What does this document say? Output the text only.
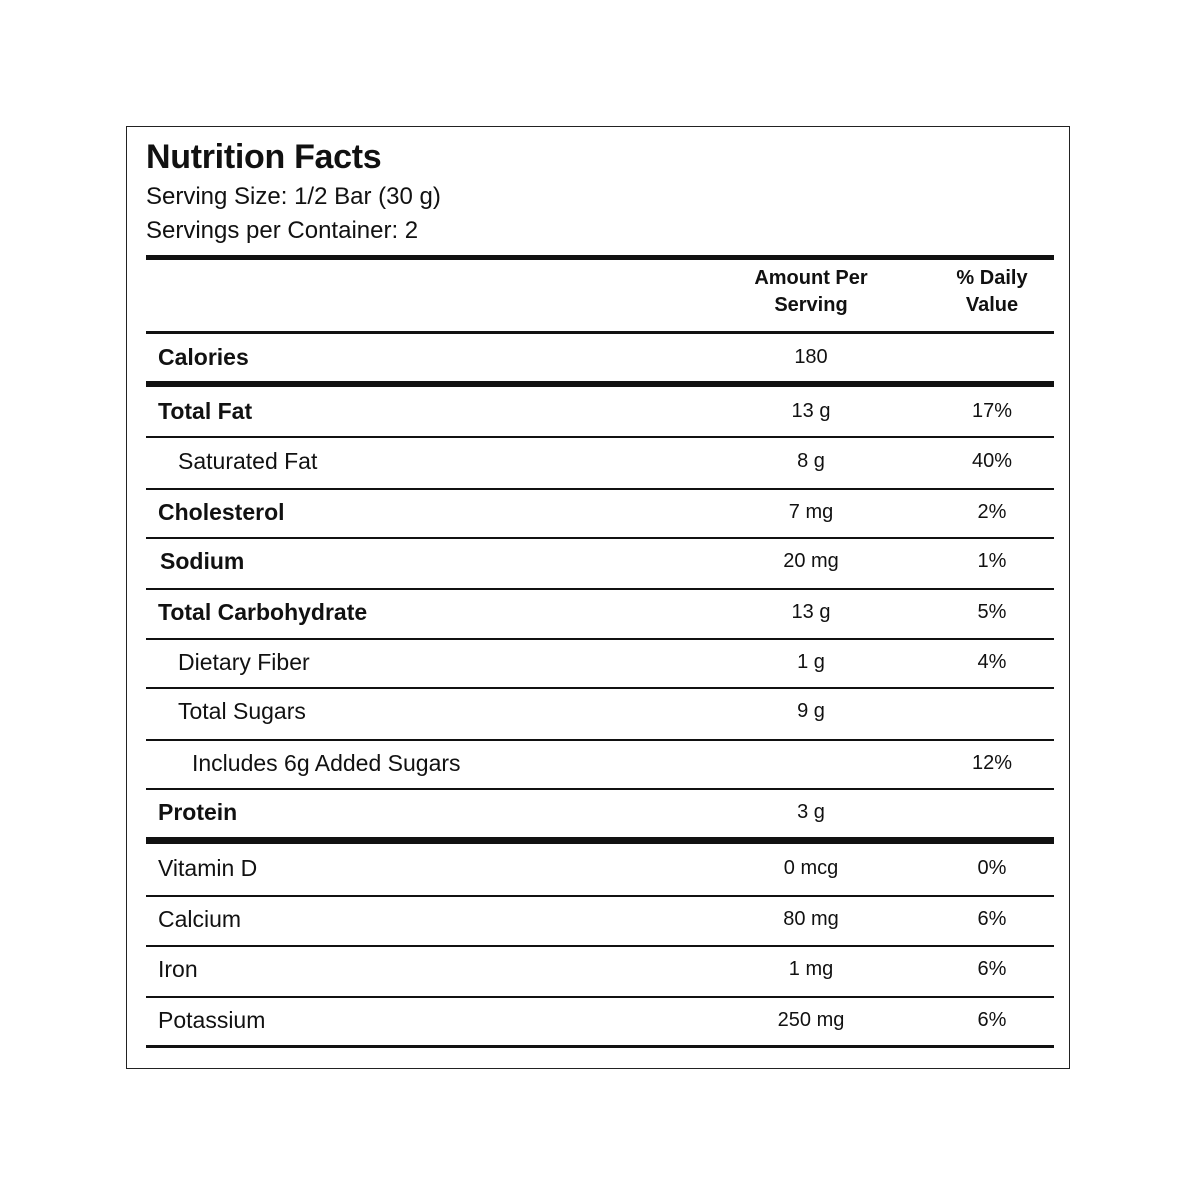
Nutrition Facts
Serving Size: 1/2 Bar (30 g)
Servings per Container: 2
Amount Per
Serving
% Daily
Value
Calories	180
Total Fat	13 g	17%
Saturated Fat	8 g	40%
Cholesterol	7 mg	2%
Sodium	20 mg	1%
Total Carbohydrate	13 g	5%
Dietary Fiber	1 g	4%
Total Sugars	9 g
Includes 6g Added Sugars	12%
Protein	3 g
Vitamin D	0 mcg	0%
Calcium	80 mg	6%
Iron	1 mg	6%
Potassium	250 mg	6%
